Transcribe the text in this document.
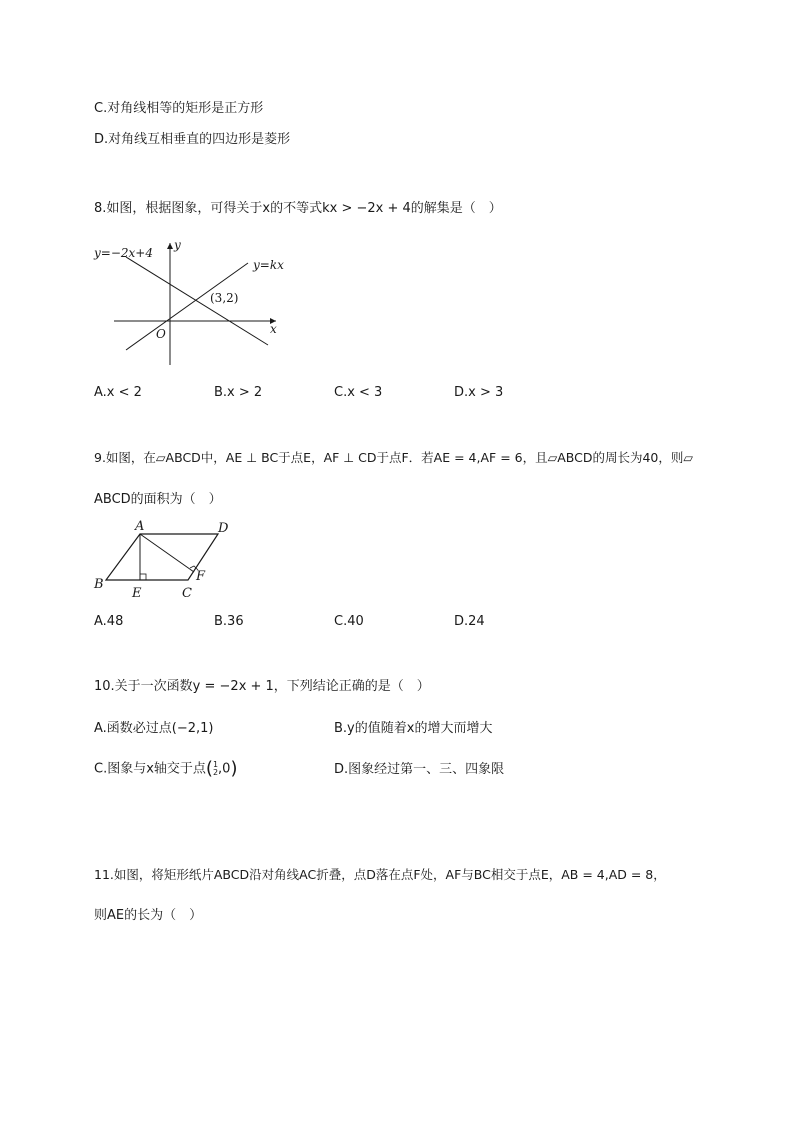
C.对角线相等的矩形是正方形
D.对角线互相垂直的四边形是菱形
8.如图，根据图象，可得关于x的不等式kx > −2x + 4的解集是（　）
y=−2x+4
y=kx
(3,2)
x
y
O
A.x < 2	B.x > 2	C.x < 3	D.x > 3
9.如图，在▱ABCD中，AE ⊥ BC于点E，AF ⊥ CD于点F．若AE = 4,AF = 6，且▱ABCD的周长为40，则▱
ABCD的面积为（　）
A	D
B
C
E
F
A.48	B.36	C.40	D.24
10.关于一次函数y = −2x + 1，下列结论正确的是（　）
A.函数必过点(−2,1)	B.y的值随着x的增大而增大
C.图象与x轴交于点( 1
2 ,0)	D.图象经过第一、三、四象限
11.如图，将矩形纸片ABCD沿对角线AC折叠，点D落在点F处，AF与BC相交于点E，AB = 4,AD = 8，
则AE的长为（　）
